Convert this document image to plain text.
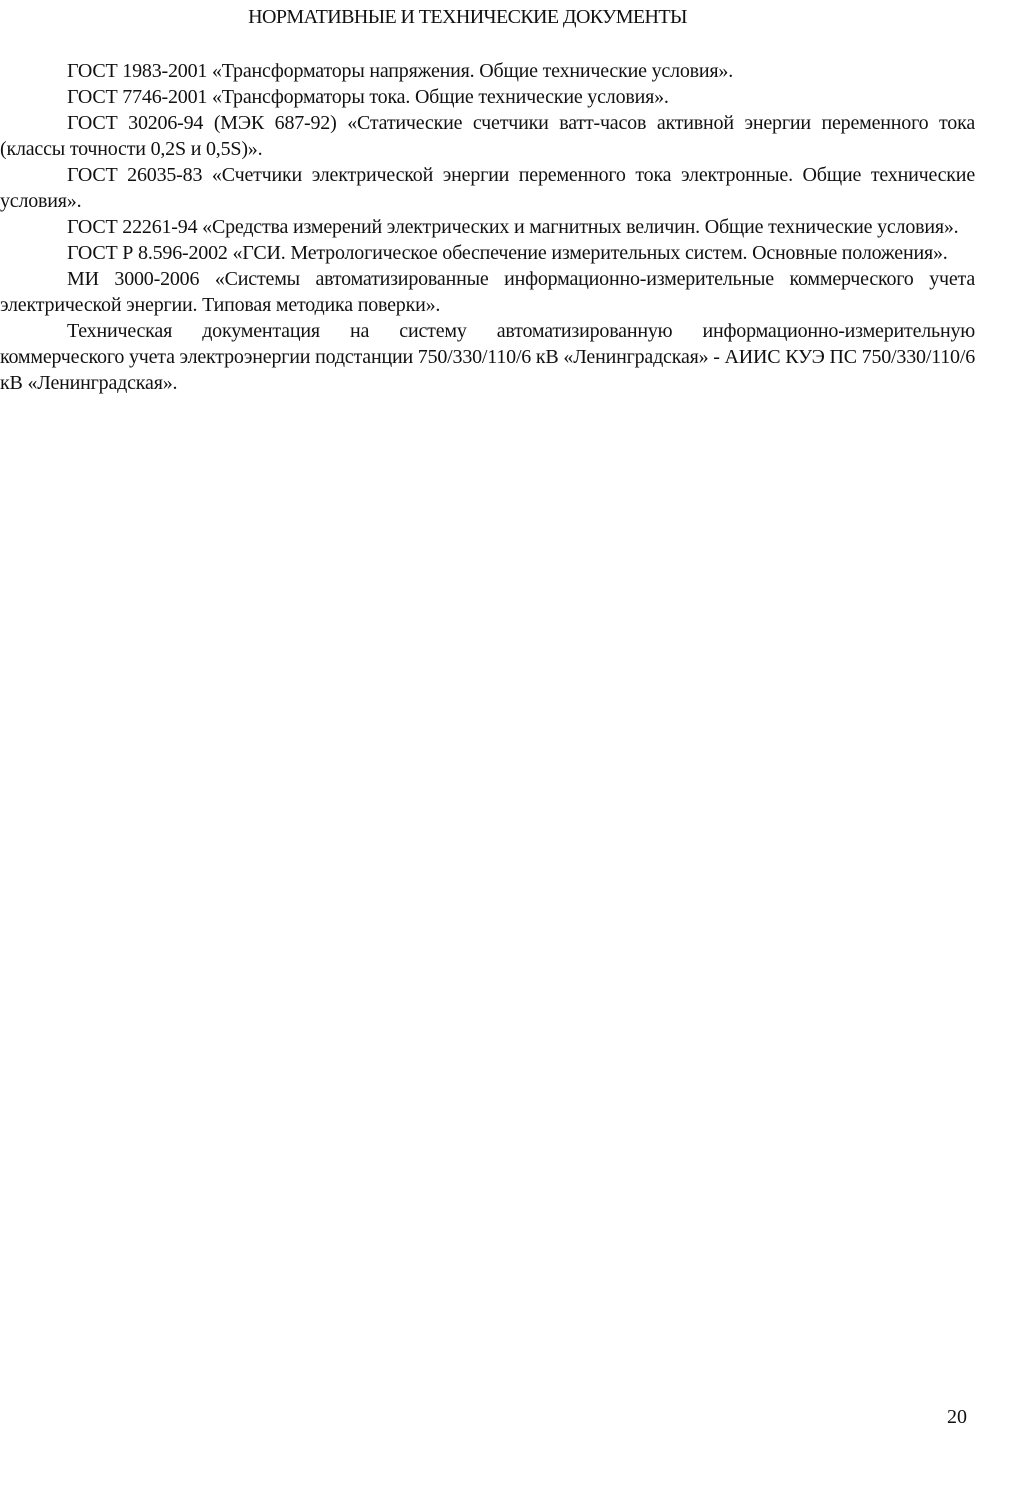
НОРМАТИВНЫЕ И ТЕХНИЧЕСКИЕ ДОКУМЕНТЫ

ГОСТ 1983-2001 «Трансформаторы напряжения. Общие технические условия».

ГОСТ 7746-2001 «Трансформаторы тока. Общие технические условия».

ГОСТ 30206-94 (МЭК 687-92) «Статические счетчики ватт-часов активной энергии переменного тока (классы точности 0,2S и 0,5S)».

ГОСТ 26035-83 «Счетчики электрической энергии переменного тока электронные. Общие технические условия».

ГОСТ 22261-94 «Средства измерений электрических и магнитных величин. Общие технические условия».

ГОСТ Р 8.596-2002 «ГСИ. Метрологическое обеспечение измерительных систем. Основные положения».

МИ 3000-2006 «Системы автоматизированные информационно-измерительные коммерческого учета электрической энергии. Типовая методика поверки».

Техническая документация на систему автоматизированную информационно-измерительную коммерческого учета электроэнергии подстанции 750/330/110/6 кВ «Ленинградская» - АИИС КУЭ ПС 750/330/110/6 кВ «Ленинградская».

20
